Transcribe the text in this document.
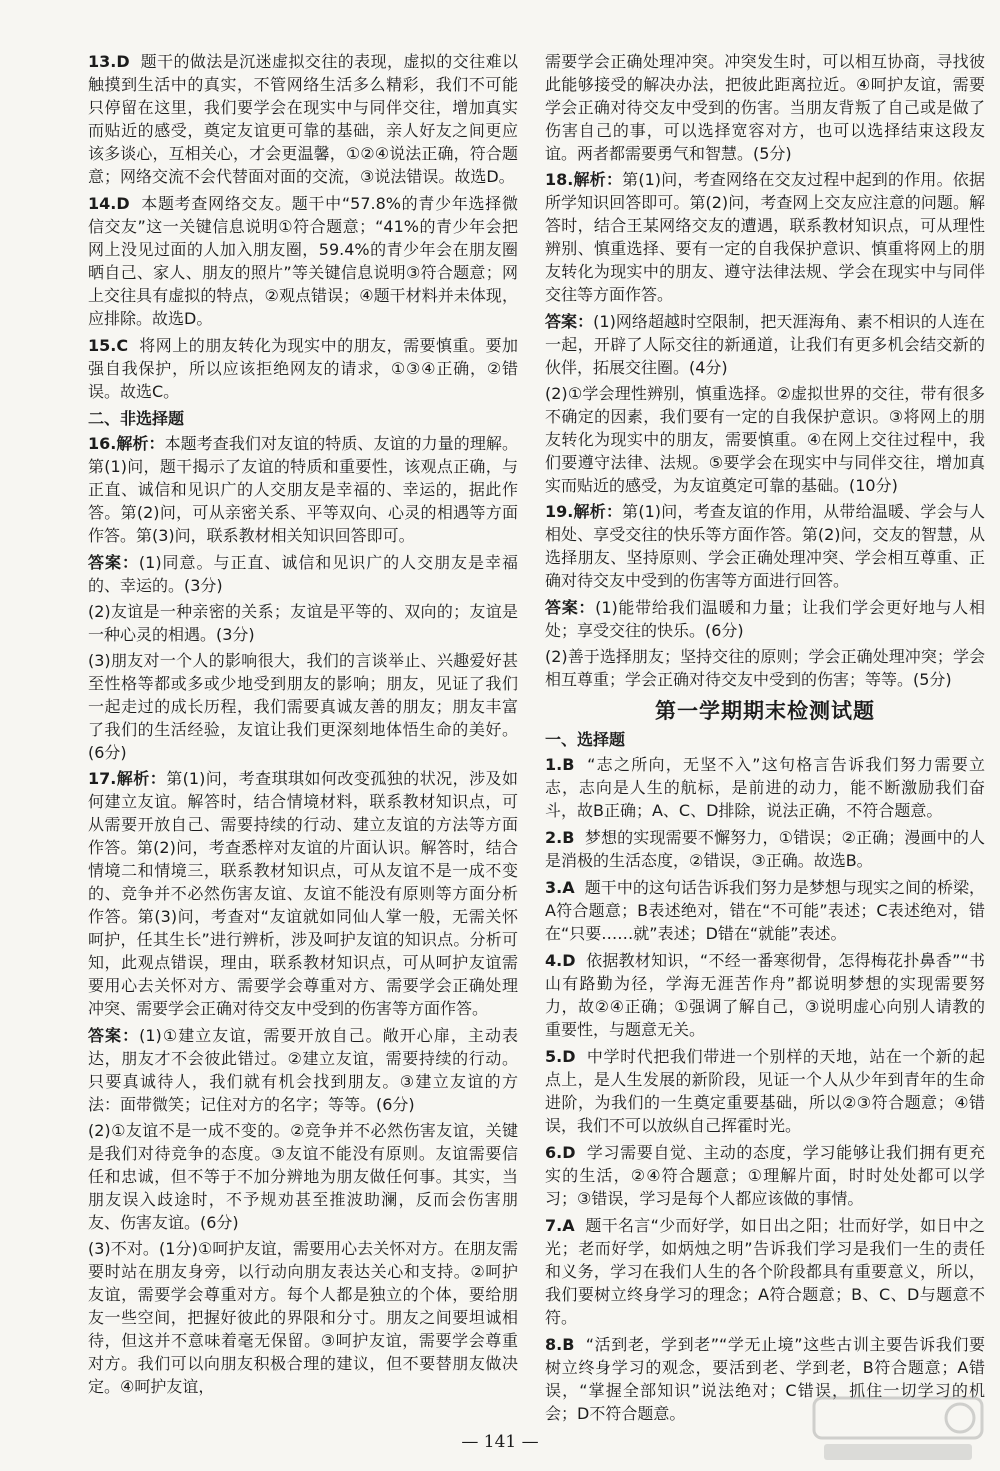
13.D 题干的做法是沉迷虚拟交往的表现，虚拟的交往难以触摸到生活中的真实，不管网络生活多么精彩，我们不可能只停留在这里，我们要学会在现实中与同伴交往，增加真实而贴近的感受，奠定友谊更可靠的基础，亲人好友之间更应该多谈心，互相关心，才会更温馨，①②④说法正确，符合题意；网络交流不会代替面对面的交流，③说法错误。故选D。
14.D 本题考查网络交友。题干中“57.8%的青少年选择微信交友”这一关键信息说明①符合题意；“41%的青少年会把网上没见过面的人加入朋友圈，59.4%的青少年会在朋友圈晒自己、家人、朋友的照片”等关键信息说明③符合题意；网上交往具有虚拟的特点，②观点错误；④题干材料并未体现，应排除。故选D。
15.C 将网上的朋友转化为现实中的朋友，需要慎重。要加强自我保护，所以应该拒绝网友的请求，①③④正确，②错误。故选C。
二、非选择题
16.解析：本题考查我们对友谊的特质、友谊的力量的理解。第(1)问，题干揭示了友谊的特质和重要性，该观点正确，与正直、诚信和见识广的人交朋友是幸福的、幸运的，据此作答。第(2)问，可从亲密关系、平等双向、心灵的相遇等方面作答。第(3)问，联系教材相关知识回答即可。
答案：(1)同意。与正直、诚信和见识广的人交朋友是幸福的、幸运的。(3分)
(2)友谊是一种亲密的关系；友谊是平等的、双向的；友谊是一种心灵的相遇。(3分)
(3)朋友对一个人的影响很大，我们的言谈举止、兴趣爱好甚至性格等都或多或少地受到朋友的影响；朋友，见证了我们一起走过的成长历程，我们需要真诚友善的朋友；朋友丰富了我们的生活经验，友谊让我们更深刻地体悟生命的美好。(6分)
17.解析：第(1)问，考查琪琪如何改变孤独的状况，涉及如何建立友谊。解答时，结合情境材料，联系教材知识点，可从需要开放自己、需要持续的行动、建立友谊的方法等方面作答。第(2)问，考查悉梓对友谊的片面认识。解答时，结合情境二和情境三，联系教材知识点，可从友谊不是一成不变的、竞争并不必然伤害友谊、友谊不能没有原则等方面分析作答。第(3)问，考查对“友谊就如同仙人掌一般，无需关怀呵护，任其生长”进行辨析，涉及呵护友谊的知识点。分析可知，此观点错误，理由，联系教材知识点，可从呵护友谊需要用心去关怀对方、需要学会尊重对方、需要学会正确处理冲突、需要学会正确对待交友中受到的伤害等方面作答。
答案：(1)①建立友谊，需要开放自己。敞开心扉，主动表达，朋友才不会彼此错过。②建立友谊，需要持续的行动。只要真诚待人，我们就有机会找到朋友。③建立友谊的方法：面带微笑；记住对方的名字；等等。(6分)
(2)①友谊不是一成不变的。②竞争并不必然伤害友谊，关键是我们对待竞争的态度。③友谊不能没有原则。友谊需要信任和忠诚，但不等于不加分辨地为朋友做任何事。其实，当朋友误入歧途时，不予规劝甚至推波助澜，反而会伤害朋友、伤害友谊。(6分)
(3)不对。(1分)①呵护友谊，需要用心去关怀对方。在朋友需要时站在朋友身旁，以行动向朋友表达关心和支持。②呵护友谊，需要学会尊重对方。每个人都是独立的个体，要给朋友一些空间，把握好彼此的界限和分寸。朋友之间要坦诚相待，但这并不意味着毫无保留。③呵护友谊，需要学会尊重对方。我们可以向朋友积极合理的建议，但不要替朋友做决定。④呵护友谊，
需要学会正确处理冲突。冲突发生时，可以相互协商，寻找彼此能够接受的解决办法，把彼此距离拉近。④呵护友谊，需要学会正确对待交友中受到的伤害。当朋友背叛了自己或是做了伤害自己的事，可以选择宽容对方，也可以选择结束这段友谊。两者都需要勇气和智慧。(5分)
18.解析：第(1)问，考查网络在交友过程中起到的作用。依据所学知识回答即可。第(2)问，考查网上交友应注意的问题。解答时，结合王某网络交友的遭遇，联系教材知识点，可从理性辨别、慎重选择、要有一定的自我保护意识、慎重将网上的朋友转化为现实中的朋友、遵守法律法规、学会在现实中与同伴交往等方面作答。
答案：(1)网络超越时空限制，把天涯海角、素不相识的人连在一起，开辟了人际交往的新通道，让我们有更多机会结交新的伙伴，拓展交往圈。(4分)
(2)①学会理性辨别，慎重选择。②虚拟世界的交往，带有很多不确定的因素，我们要有一定的自我保护意识。③将网上的朋友转化为现实中的朋友，需要慎重。④在网上交往过程中，我们要遵守法律、法规。⑤要学会在现实中与同伴交往，增加真实而贴近的感受，为友谊奠定可靠的基础。(10分)
19.解析：第(1)问，考查友谊的作用，从带给温暖、学会与人相处、享受交往的快乐等方面作答。第(2)问，交友的智慧，从选择朋友、坚持原则、学会正确处理冲突、学会相互尊重、正确对待交友中受到的伤害等方面进行回答。
答案：(1)能带给我们温暖和力量；让我们学会更好地与人相处；享受交往的快乐。(6分)
(2)善于选择朋友；坚持交往的原则；学会正确处理冲突；学会相互尊重；学会正确对待交友中受到的伤害；等等。(5分)
第一学期期末检测试题
一、选择题
1.B “志之所向，无坚不入”这句格言告诉我们努力需要立志，志向是人生的航标，是前进的动力，能不断激励我们奋斗，故B正确；A、C、D排除，说法正确，不符合题意。
2.B 梦想的实现需要不懈努力，①错误；②正确；漫画中的人是消极的生活态度，②错误，③正确。故选B。
3.A 题干中的这句话告诉我们努力是梦想与现实之间的桥梁，A符合题意；B表述绝对，错在“不可能”表述；C表述绝对，错在“只要……就”表述；D错在“就能”表述。
4.D 依据教材知识，“不经一番寒彻骨，怎得梅花扑鼻香”“书山有路勤为径，学海无涯苦作舟”都说明梦想的实现需要努力，故②④正确；①强调了解自己，③说明虚心向别人请教的重要性，与题意无关。
5.D 中学时代把我们带进一个别样的天地，站在一个新的起点上，是人生发展的新阶段，见证一个人从少年到青年的生命进阶，为我们的一生奠定重要基础，所以②③符合题意；④错误，我们不可以放纵自己挥霍时光。
6.D 学习需要自觉、主动的态度，学习能够让我们拥有更充实的生活，②④符合题意；①理解片面，时时处处都可以学习；③错误，学习是每个人都应该做的事情。
7.A 题干名言“少而好学，如日出之阳；壮而好学，如日中之光；老而好学，如炳烛之明”告诉我们学习是我们一生的责任和义务，学习在我们人生的各个阶段都具有重要意义，所以，我们要树立终身学习的理念；A符合题意；B、C、D与题意不符。
8.B “活到老，学到老”“学无止境”这些古训主要告诉我们要树立终身学习的观念，要活到老、学到老，B符合题意；A错误，“掌握全部知识”说法绝对；C错误，抓住一切学习的机会；D不符合题意。
— 141 —
